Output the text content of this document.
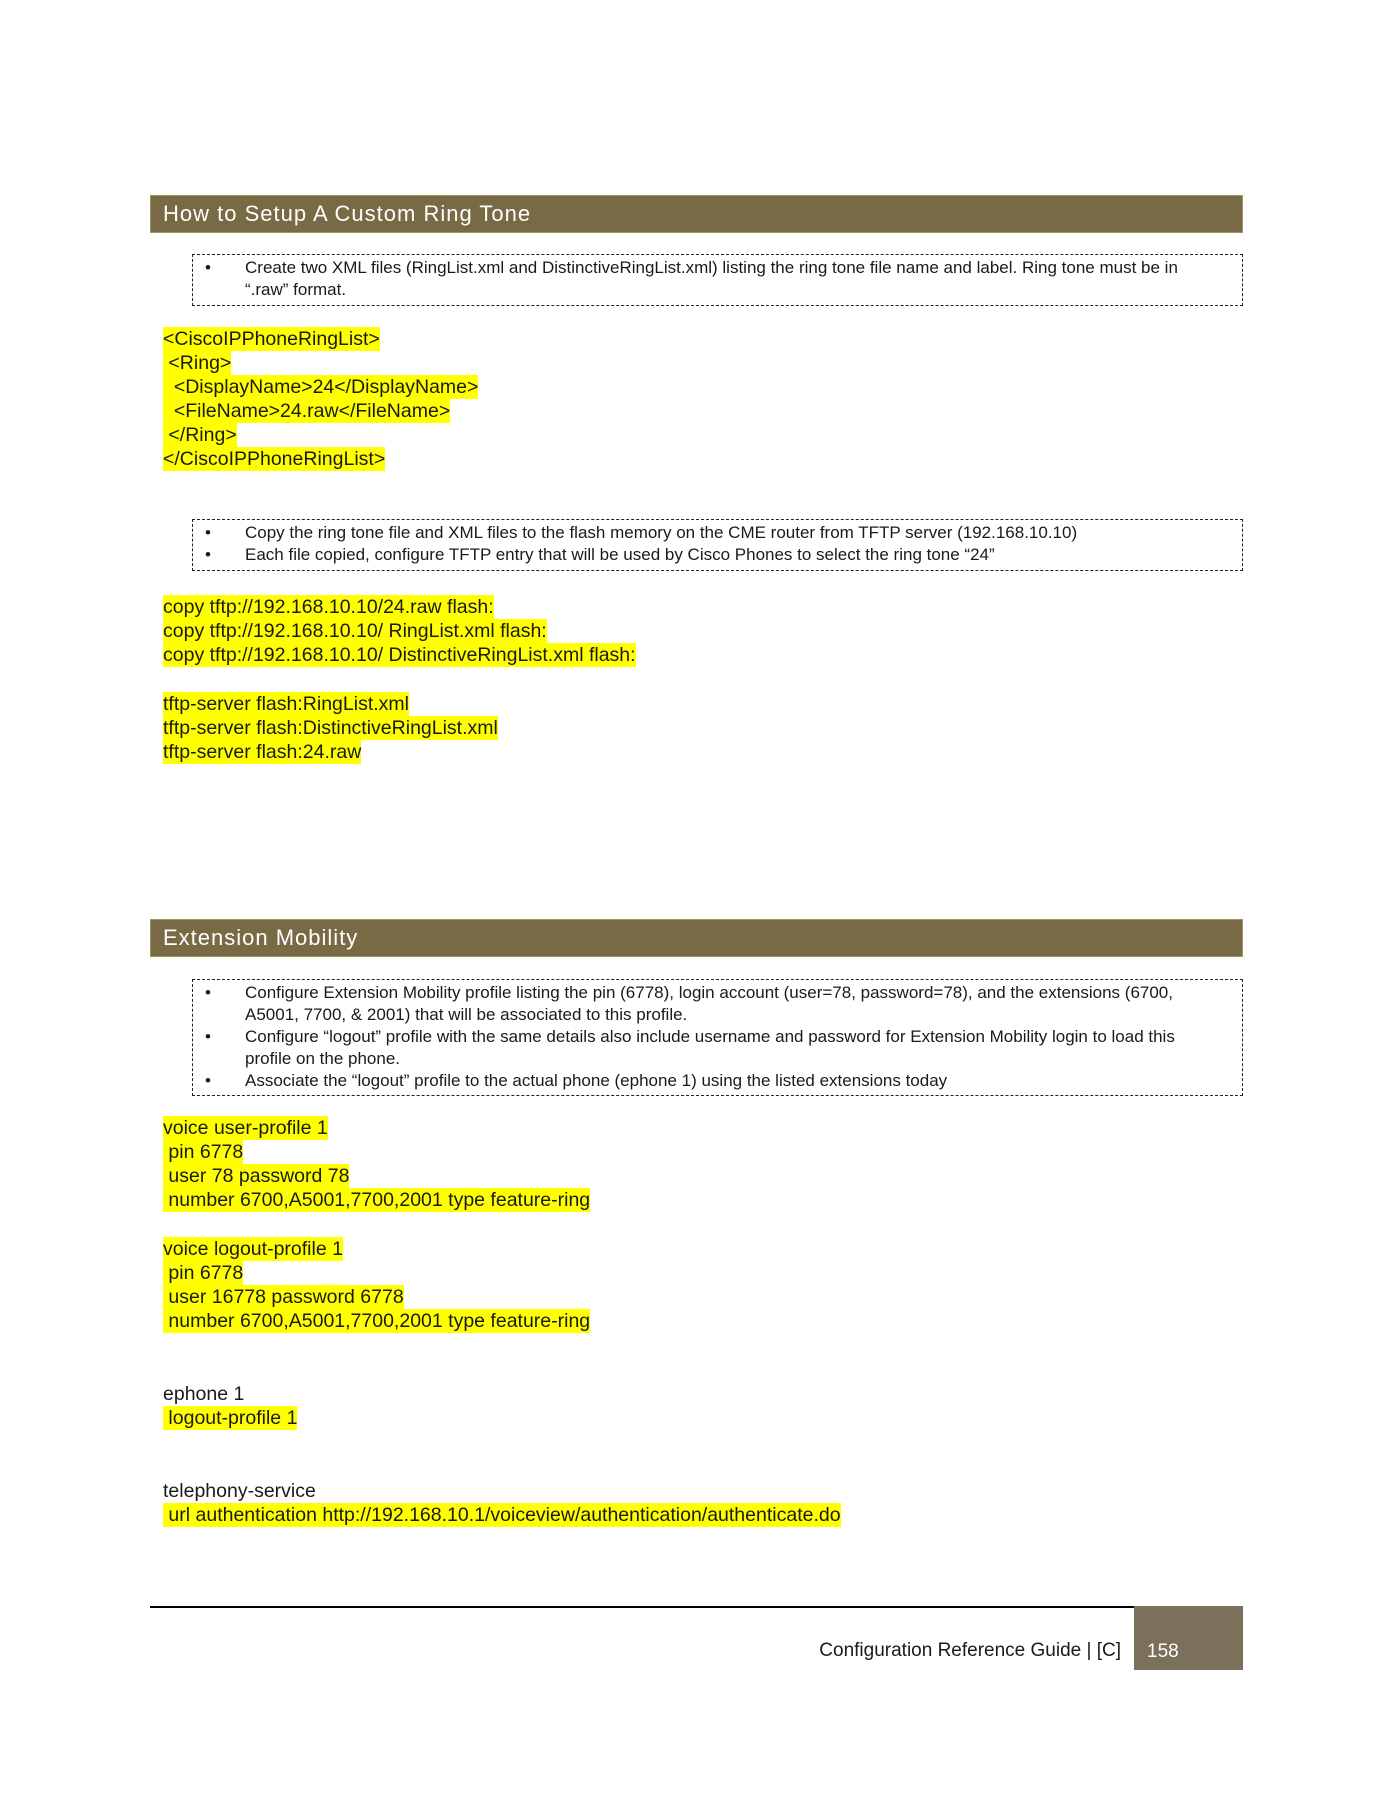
How to Setup A Custom Ring Tone
• Create two XML files (RingList.xml and DistinctiveRingList.xml) listing the ring tone file name and label. Ring tone must be in “.raw” format.
<CiscoIPPhoneRingList>
<Ring>
<DisplayName>24</DisplayName>
<FileName>24.raw</FileName>
</Ring>
</CiscoIPPhoneRingList>
• Copy the ring tone file and XML files to the flash memory on the CME router from TFTP server (192.168.10.10)
• Each file copied, configure TFTP entry that will be used by Cisco Phones to select the ring tone “24”
copy tftp://192.168.10.10/24.raw flash:
copy tftp://192.168.10.10/ RingList.xml flash:
copy tftp://192.168.10.10/ DistinctiveRingList.xml flash:
tftp-server flash:RingList.xml
tftp-server flash:DistinctiveRingList.xml
tftp-server flash:24.raw
Extension Mobility
• Configure Extension Mobility profile listing the pin (6778), login account (user=78, password=78), and the extensions (6700, A5001, 7700, & 2001) that will be associated to this profile.
• Configure “logout” profile with the same details also include username and password for Extension Mobility login to load this profile on the phone.
• Associate the “logout” profile to the actual phone (ephone 1) using the listed extensions today
voice user-profile 1
pin 6778
user 78 password 78
number 6700,A5001,7700,2001 type feature-ring
voice logout-profile 1
pin 6778
user 16778 password 6778
number 6700,A5001,7700,2001 type feature-ring
ephone 1
logout-profile 1
telephony-service
url authentication http://192.168.10.1/voiceview/authentication/authenticate.do
Configuration Reference Guide | [C]	158
